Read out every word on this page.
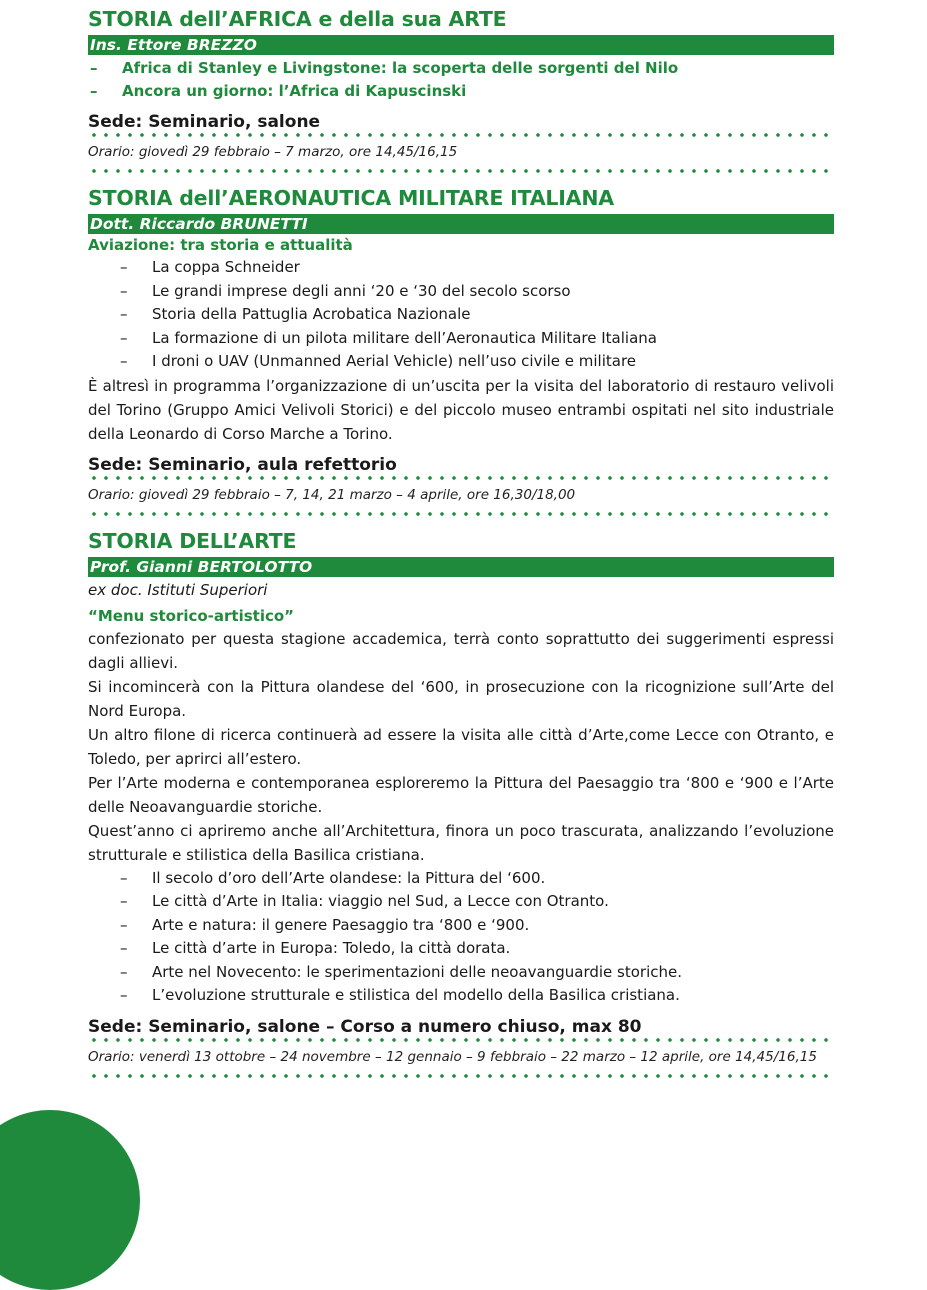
STORIA dell’AFRICA e della sua ARTE
Ins. Ettore BREZZO
– Africa di Stanley e Livingstone: la scoperta delle sorgenti del Nilo
– Ancora un giorno: l’Africa di Kapuscinski
Sede: Seminario, salone
Orario: giovedì 29 febbraio – 7 marzo, ore 14,45/16,15
STORIA dell’AERONAUTICA MILITARE ITALIANA
Dott. Riccardo BRUNETTI
Aviazione: tra storia e attualità
– La coppa Schneider
– Le grandi imprese degli anni ‘20 e ‘30 del secolo scorso
– Storia della Pattuglia Acrobatica Nazionale
– La formazione di un pilota militare dell’Aeronautica Militare Italiana
– I droni o UAV (Unmanned Aerial Vehicle) nell’uso civile e militare

È altresì in programma l’organizzazione di un’uscita per la visita del laboratorio di restauro velivoli del Torino (Gruppo Amici Velivoli Storici) e del piccolo museo entrambi ospitati nel sito industriale della Leonardo di Corso Marche a Torino.

Sede: Seminario, aula refettorio
Orario: giovedì 29 febbraio – 7, 14, 21 marzo – 4 aprile, ore 16,30/18,00
STORIA DELL’ARTE
Prof. Gianni BERTOLOTTO
ex doc. Istituti Superiori
“Menu storico-artistico”

confezionato per questa stagione accademica, terrà conto soprattutto dei suggerimenti espressi dagli allievi.

Si incomincerà con la Pittura olandese del ‘600, in prosecuzione con la ricognizione sull’Arte del Nord Europa.

Un altro filone di ricerca continuerà ad essere la visita alle città d’Arte,come Lecce con Otranto, e Toledo, per aprirci all’estero.

Per l’Arte moderna e contemporanea esploreremo la Pittura del Paesaggio tra ‘800 e ‘900 e l’Arte delle Neoavanguardie storiche.

Quest’anno ci apriremo anche all’Architettura, finora un poco trascurata, analizzando l’evoluzione strutturale e stilistica della Basilica cristiana.

– Il secolo d’oro dell’Arte olandese: la Pittura del ‘600.
– Le città d’Arte in Italia: viaggio nel Sud, a Lecce con Otranto.
– Arte e natura: il genere Paesaggio tra ‘800 e ‘900.
– Le città d’arte in Europa: Toledo, la città dorata.
– Arte nel Novecento: le sperimentazioni delle neoavanguardie storiche.
– L’evoluzione strutturale e stilistica del modello della Basilica cristiana.
Sede: Seminario, salone – Corso a numero chiuso, max 80
Orario: venerdì 13 ottobre – 24 novembre – 12 gennaio – 9 febbraio – 22 marzo – 12 aprile, ore 14,45/16,15
